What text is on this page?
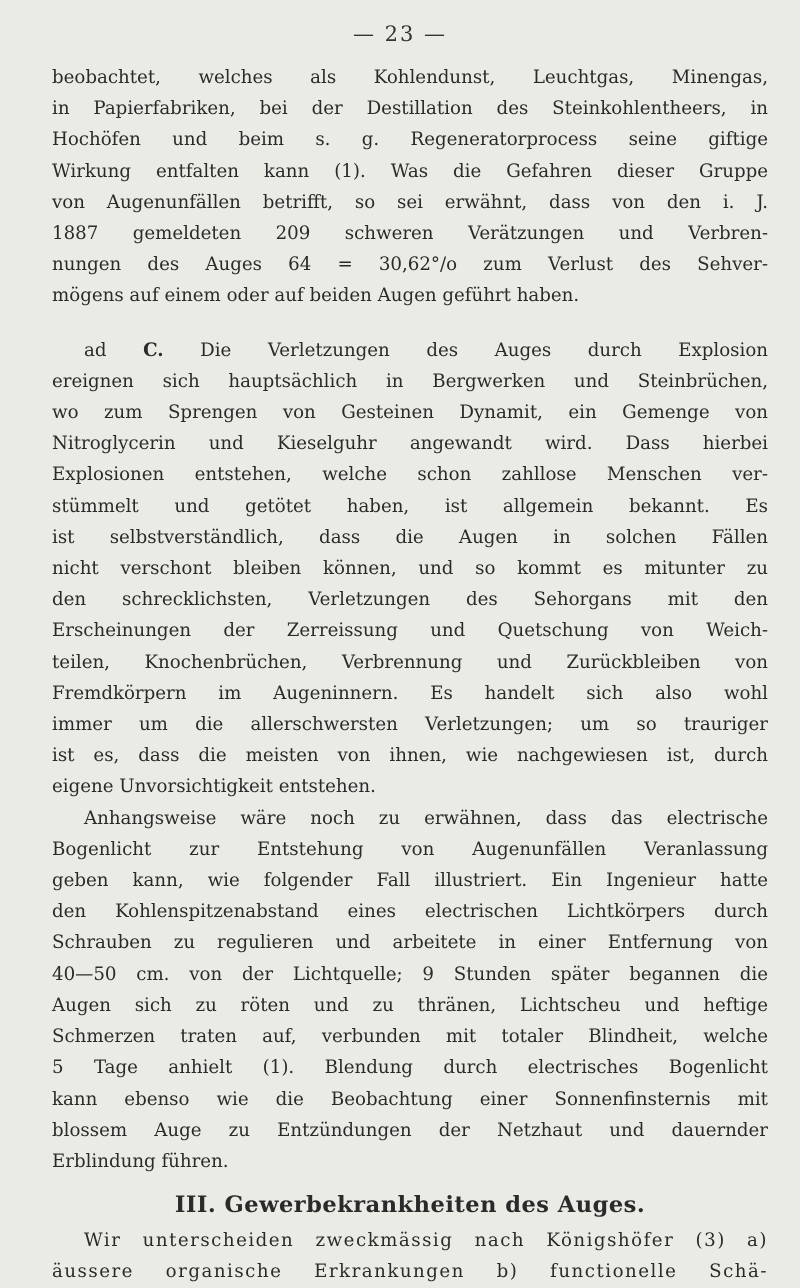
— 23 —

beobachtet, welches als Kohlendunst, Leuchtgas, Minengas,
in Papierfabriken, bei der Destillation des Steinkohlentheers, in
Hochöfen und beim s. g. Regeneratorprocess seine giftige
Wirkung entfalten kann (1). Was die Gefahren dieser Gruppe
von Augenunfällen betrifft, so sei erwähnt, dass von den i. J.
1887 gemeldeten 209 schweren Verätzungen und Verbren-
nungen des Auges 64 = 30,62°/o zum Verlust des Sehver-
mögens auf einem oder auf beiden Augen geführt haben.

ad C. Die Verletzungen des Auges durch Explosion
ereignen sich hauptsächlich in Bergwerken und Steinbrüchen,
wo zum Sprengen von Gesteinen Dynamit, ein Gemenge von
Nitroglycerin und Kieselguhr angewandt wird. Dass hierbei
Explosionen entstehen, welche schon zahllose Menschen ver-
stümmelt und getötet haben, ist allgemein bekannt. Es
ist selbstverständlich, dass die Augen in solchen Fällen
nicht verschont bleiben können, und so kommt es mitunter zu
den schrecklichsten, Verletzungen des Sehorgans mit den
Erscheinungen der Zerreissung und Quetschung von Weich-
teilen, Knochenbrüchen, Verbrennung und Zurückbleiben von
Fremdkörpern im Augeninnern. Es handelt sich also wohl
immer um die allerschwersten Verletzungen; um so trauriger
ist es, dass die meisten von ihnen, wie nachgewiesen ist, durch
eigene Unvorsichtigkeit entstehen.

Anhangsweise wäre noch zu erwähnen, dass das electrische
Bogenlicht zur Entstehung von Augenunfällen Veranlassung
geben kann, wie folgender Fall illustriert. Ein Ingenieur hatte
den Kohlenspitzenabstand eines electrischen Lichtkörpers durch
Schrauben zu regulieren und arbeitete in einer Entfernung von
40—50 cm. von der Lichtquelle; 9 Stunden später begannen die
Augen sich zu röten und zu thränen, Lichtscheu und heftige
Schmerzen traten auf, verbunden mit totaler Blindheit, welche
5 Tage anhielt (1). Blendung durch electrisches Bogenlicht
kann ebenso wie die Beobachtung einer Sonnenfinsternis mit
blossem Auge zu Entzündungen der Netzhaut und dauernder
Erblindung führen.

III. Gewerbekrankheiten des Auges.

Wir unterscheiden zweckmässig nach Königshöfer (3) a)
äussere organische Erkrankungen b) functionelle Schä-
